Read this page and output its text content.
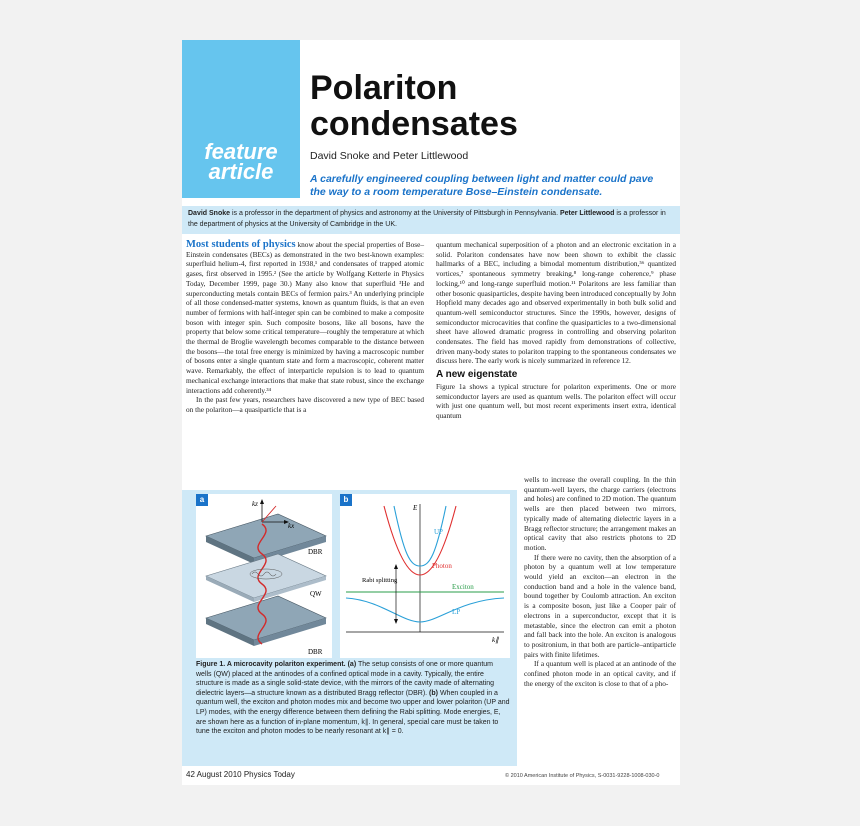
feature
article
Polariton
condensates
David Snoke and Peter Littlewood
A carefully engineered coupling between light and matter could pave the way to a room temperature Bose–Einstein condensate.
David Snoke is a professor in the department of physics and astronomy at the University of Pittsburgh in Pennsylvania. Peter Littlewood is a professor in the department of physics at the University of Cambridge in the UK.

Most students of physics know about the special properties of Bose–Einstein condensates (BECs) as demonstrated in the two best-known examples: superfluid helium-4, first reported in 1938,¹ and condensates of trapped atomic gases, first observed in 1995.² (See the article by Wolfgang Ketterle in Physics Today, December 1999, page 30.) Many also know that superfluid ³He and superconducting metals contain BECs of fermion pairs.³ An underlying principle of all those condensed-matter systems, known as quantum fluids, is that an even number of fermions with half-integer spin can be combined to make a composite boson with integer spin. Such composite bosons, like all bosons, have the property that below some critical temperature—roughly the temperature at which the thermal de Broglie wavelength becomes comparable to the distance between the bosons—the total free energy is minimized by having a macroscopic number of bosons enter a single quantum state and form a macroscopic, coherent matter wave. Remarkably, the effect of interparticle repulsion is to lead to quantum mechanical exchange interactions that make that state robust, since the exchange interactions add coherently.³⁴

In the past few years, researchers have discovered a new type of BEC based on the polariton—a quasiparticle that is a

quantum mechanical superposition of a photon and an electronic excitation in a solid. Polariton condensates have now been shown to exhibit the classic hallmarks of a BEC, including a bimodal momentum distribution,⁵⁶ quantized vortices,⁷ spontaneous symmetry breaking,⁸ long-range coherence,⁹ phase locking,¹⁰ and long-range superfluid motion.¹¹ Polaritons are less familiar than other bosonic quasiparticles, despite having been introduced conceptually by John Hopfield many decades ago and observed experimentally in both bulk solid and quantum-well semiconductor structures. Since the 1990s, however, designs of semiconductor microcavities that confine the quasiparticles to a two-dimensional sheet have allowed dramatic progress in controlling and observing polariton condensates. The field has moved rapidly from demonstrations of collective, driven many-body states to polariton trapping to the spontaneous condensates we discuss here. The early work is nicely summarized in reference 12.

A new eigenstate

Figure 1a shows a typical structure for polariton experiments. One or more semiconductor layers are used as quantum wells. The polariton effect will occur with just one quantum well, but most recent experiments insert extra, identical quantum

wells to increase the overall coupling. In the thin quantum-well layers, the charge carriers (electrons and holes) are confined to 2D motion. The quantum wells are then placed between two mirrors, typically made of alternating dielectric layers in a Bragg reflector structure; the arrangement makes an optical cavity that also restricts photons to 2D motion.

If there were no cavity, then the absorption of a photon by a quantum well at low temperature would yield an exciton—an electron in the conduction band and a hole in the valence band, bound together by Coulomb attraction. An exciton is a composite boson, just like a Cooper pair of electrons in a superconductor, except that it is metastable, since the electron can emit a photon and fall back into the hole. An exciton is analogous to positronium, in that both are particle–antiparticle pairs with finite lifetimes.

If a quantum well is placed at an antinode of the confined photon mode in an optical cavity, and if the energy of the exciton is close to that of a pho-

kz
kx
DBR
QW
DBR
a
E
k∥
UP
Photon
Rabi splitting
Exciton
LP
b
Figure 1. A microcavity polariton experiment. (a) The setup consists of one or more quantum wells (QW) placed at the antinodes of a confined optical mode in a cavity. Typically, the entire structure is made as a single solid-state device, with the mirrors of the cavity made of alternating dielectric layers—a structure known as a distributed Bragg reflector (DBR). (b) When coupled in a quantum well, the exciton and photon modes mix and become two upper and lower polariton (UP and LP) modes, with the energy difference between them defining the Rabi splitting. Mode energies, E, are shown here as a function of in-plane momentum, k∥. In general, special care must be taken to tune the exciton and photon modes to be nearly resonant at k∥ = 0.
42 August 2010 Physics Today	© 2010 American Institute of Physics, S-0031-9228-1008-030-0
